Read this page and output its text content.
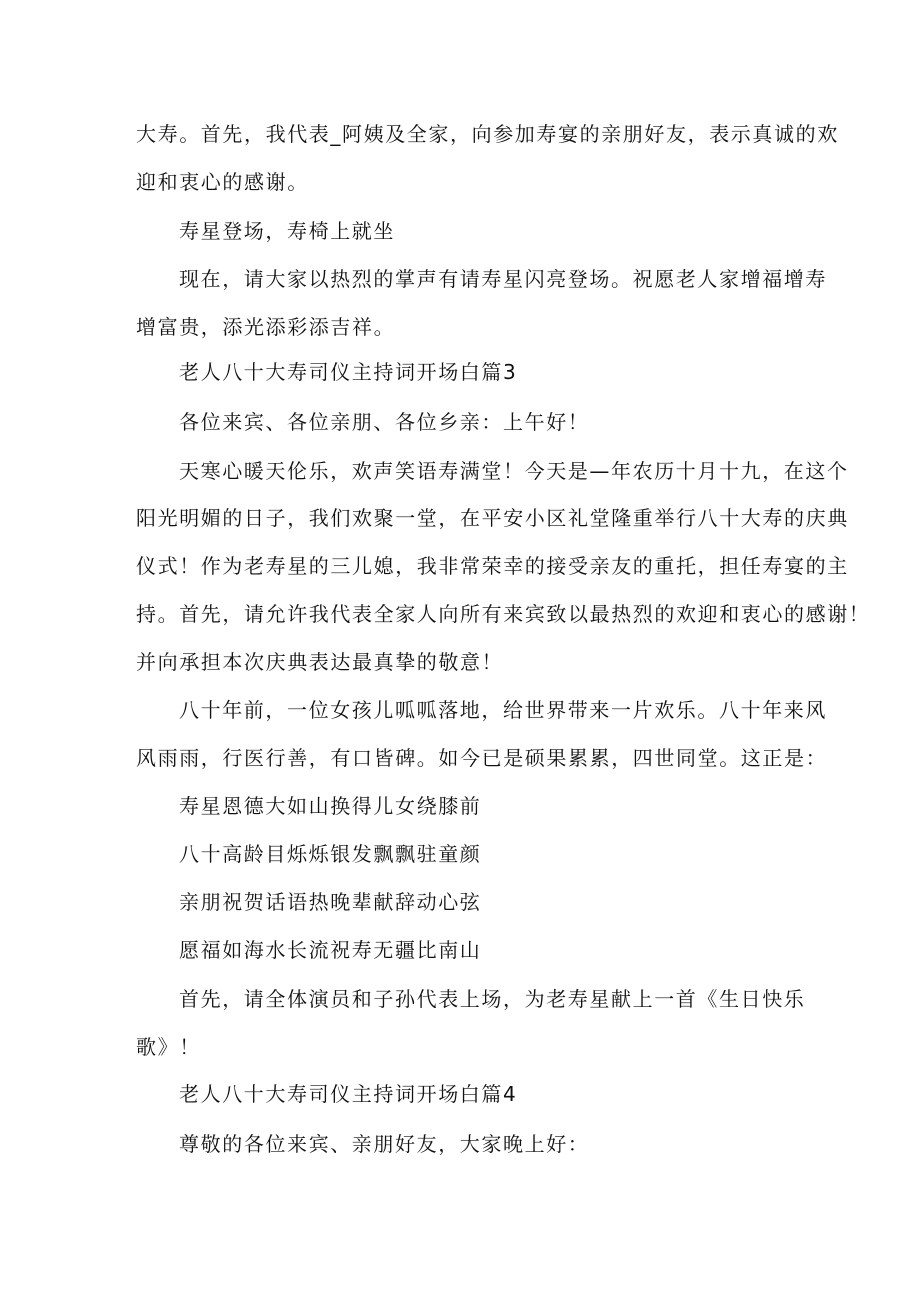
大寿。首先，我代表_阿姨及全家，向参加寿宴的亲朋好友，表示真诚的欢
迎和衷心的感谢。
寿星登场，寿椅上就坐
现在，请大家以热烈的掌声有请寿星闪亮登场。祝愿老人家增福增寿
增富贵，添光添彩添吉祥。
老人八十大寿司仪主持词开场白篇3
各位来宾、各位亲朋、各位乡亲：上午好！
天寒心暖天伦乐，欢声笑语寿满堂！今天是—年农历十月十九，在这个
阳光明媚的日子，我们欢聚一堂，在平安小区礼堂隆重举行八十大寿的庆典
仪式！作为老寿星的三儿媳，我非常荣幸的接受亲友的重托，担任寿宴的主
持。首先，请允许我代表全家人向所有来宾致以最热烈的欢迎和衷心的感谢！
并向承担本次庆典表达最真挚的敬意！
八十年前，一位女孩儿呱呱落地，给世界带来一片欢乐。八十年来风
风雨雨，行医行善，有口皆碑。如今已是硕果累累，四世同堂。这正是：
寿星恩德大如山换得儿女绕膝前
八十高龄目烁烁银发飘飘驻童颜
亲朋祝贺话语热晚辈献辞动心弦
愿福如海水长流祝寿无疆比南山
首先，请全体演员和子孙代表上场，为老寿星献上一首《生日快乐
歌》！
老人八十大寿司仪主持词开场白篇4
尊敬的各位来宾、亲朋好友，大家晚上好：
